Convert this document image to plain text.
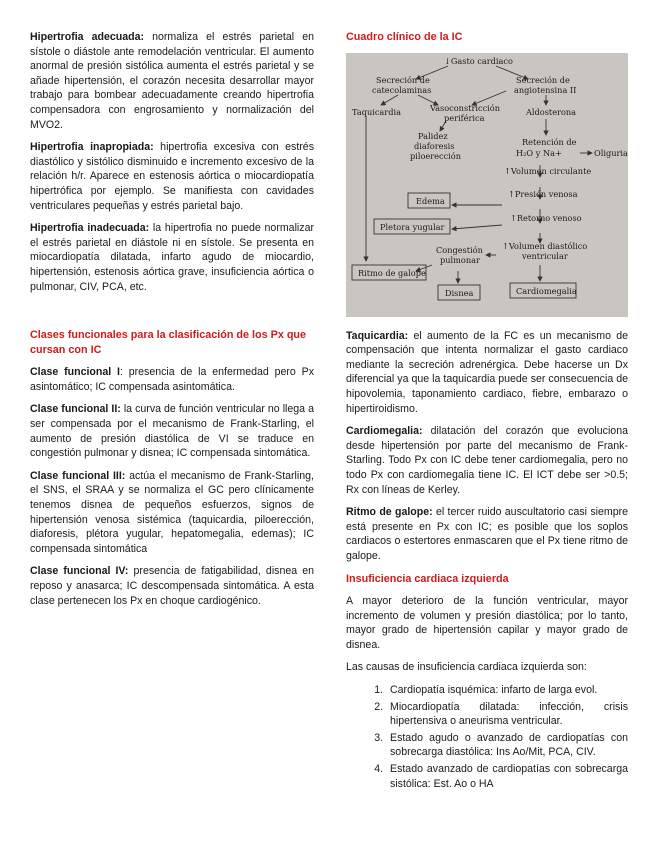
Hipertrofia adecuada: normaliza el estrés parietal en sístole o diástole ante remodelación ventricular. El aumento anormal de presión sistólica aumenta el estrés parietal y se añade hipertensión, el corazón necesita desarrollar mayor trabajo para bombear adecuadamente creando hipertrofia compensadora con engrosamiento y normalización del MVO2.

Hipertrofia inapropiada: hipertrofia excesiva con estrés diastólico y sistólico disminuido e incremento excesivo de la relación h/r. Aparece en estenosis aórtica o miocardiopatía hipertrófica por ejemplo. Se manifiesta con cavidades ventriculares pequeñas y estrés parietal bajo.

Hipertrofia inadecuada: la hipertrofia no puede normalizar el estrés parietal en diástole ni en sístole. Se presenta en miocardiopatía dilatada, infarto agudo de miocardio, hipertensión, estenosis aórtica grave, insuficiencia aórtica o pulmonar, CIV, PCA, etc.

Clases funcionales para la clasificación de los Px que cursan con IC

Clase funcional I: presencia de la enfermedad pero Px asintomático; IC compensada asintomática.

Clase funcional II: la curva de función ventricular no llega a ser compensada por el mecanismo de Frank-Starling, el aumento de presión diastólica de VI se traduce en congestión pulmonar y disnea; IC compensada sintomática.

Clase funcional III: actúa el mecanismo de Frank-Starling, el SNS, el SRAA y se normaliza el GC pero clínicamente tenemos disnea de pequeños esfuerzos, signos de hipertensión venosa sistémica (taquicardia, piloerección, diaforesis, plétora yugular, hepatomegalia, edemas); IC compensada sintomática

Clase funcional IV: presencia de fatigabilidad, disnea en reposo y anasarca; IC descompensada sintomática. A esta clase pertenecen los Px en choque cardiogénico.

Cuadro clínico de la IC

↓Gasto cardiaco
Secreción de
catecolaminas
Secreción de
angiotensina II
Taquicardia	Vasoconstricción
periférica
Aldosterona
Palidez
diaforesis
piloerección
Retención de
H₂O y Na+	Oliguria
↑Volumen circulante
Edema
↑Presión venosa
Pletora yugular
↑Retorno venoso
Ritmo de galope
Congestión
pulmonar
↑Volumen diastólico
ventricular
Disnea	Cardiomegalia

Taquicardia: el aumento de la FC es un mecanismo de compensación que intenta normalizar el gasto cardiaco mediante la secreción adrenérgica. Debe hacerse un Dx diferencial ya que la taquicardia puede ser consecuencia de hipovolemia, taponamiento cardiaco, fiebre, embarazo o hipertiroidismo.

Cardiomegalia: dilatación del corazón que evoluciona desde hipertensión por parte del mecanismo de Frank-Starling. Todo Px con IC debe tener cardiomegalia, pero no todo Px con cardiomegalia tiene IC. El ICT debe ser >0.5; Rx con líneas de Kerley.

Ritmo de galope: el tercer ruido auscultatorio casi siempre está presente en Px con IC; es posible que los soplos cardiacos o estertores enmascaren que el Px tiene ritmo de galope.

Insuficiencia cardiaca izquierda

A mayor deterioro de la función ventricular, mayor incremento de volumen y presión diastólica; por lo tanto, mayor grado de hipertensión capilar y mayor grado de disnea.

Las causas de insuficiencia cardiaca izquierda son:

1. Cardiopatía isquémica: infarto de larga evol.
2. Miocardiopatía dilatada: infección, crisis hipertensiva o aneurisma ventricular.
3. Estado agudo o avanzado de cardiopatías con sobrecarga diastólica: Ins Ao/Mit, PCA, CIV.
4. Estado avanzado de cardiopatías con sobrecarga sistólica: Est. Ao o HA
